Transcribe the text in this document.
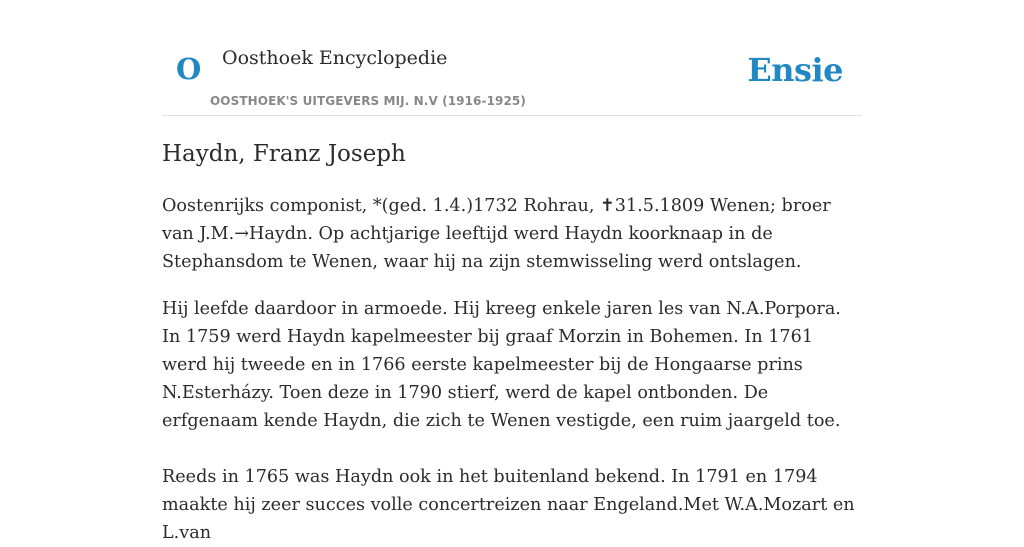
O Oosthoek Encyclopedie	Ensie
OOSTHOEK'S UITGEVERS MIJ. N.V (1916-1925)
Haydn, Franz Joseph

Oostenrijks componist, *(ged. 1.4.)1732 Rohrau, ✝31.5.1809 Wenen; broer van J.M.→Haydn. Op achtjarige leeftijd werd Haydn koorknaap in de Stephansdom te Wenen, waar hij na zijn stemwisseling werd ontslagen.

Hij leefde daardoor in armoede. Hij kreeg enkele jaren les van N.A.Porpora. In 1759 werd Haydn kapelmeester bij graaf Morzin in Bohemen. In 1761 werd hij tweede en in 1766 eerste kapelmeester bij de Hongaarse prins N.Esterházy. Toen deze in 1790 stierf, werd de kapel ontbonden. De erfgenaam kende Haydn, die zich te Wenen vestigde, een ruim jaargeld toe.

Reeds in 1765 was Haydn ook in het buitenland bekend. In 1791 en 1794 maakte hij zeer succes volle concertreizen naar Engeland.Met W.A.Mozart en L.van
